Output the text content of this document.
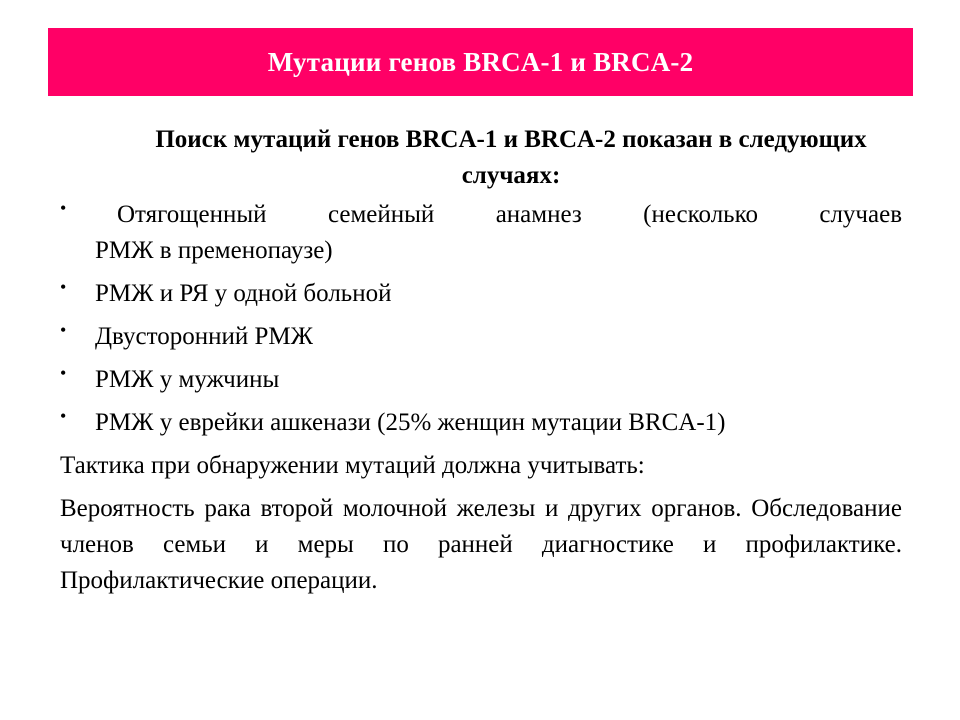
Мутации генов BRCA-1 и BRCA-2

Поиск мутаций генов BRCA-1 и BRCA-2 показан в следующих случаях:

•	Отягощенный семейный анамнез (несколько случаев
РМЖ в пременопаузе)
• РМЖ и РЯ у одной больной
• Двусторонний РМЖ
• РМЖ у мужчины
• РМЖ у еврейки ашкенази (25% женщин мутации BRCA-1)

Тактика при обнаружении мутаций должна учитывать:

Вероятность рака второй молочной железы и других органов. Обследование членов семьи и меры по ранней диагностике и профилактике. Профилактические операции.
